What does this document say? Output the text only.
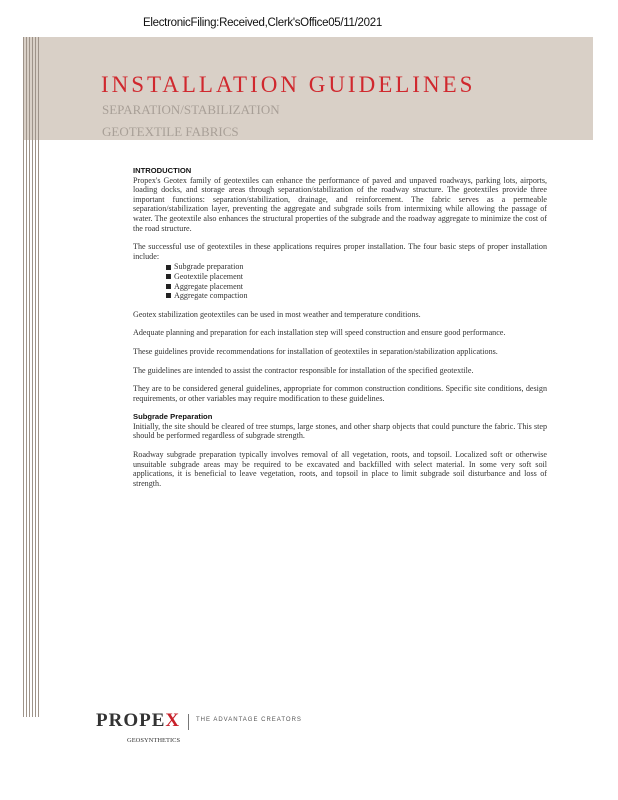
ElectronicFiling:Received,Clerk'sOffice05/11/2021
INSTALLATION GUIDELINES
SEPARATION/STABILIZATION
GEOTEXTILE FABRICS
INTRODUCTION

Propex's Geotex family of geotextiles can enhance the performance of paved and unpaved roadways, parking lots, airports, loading docks, and storage areas through separation/stabilization of the roadway structure. The geotextiles provide three important functions: separation/stabilization, drainage, and reinforcement. The fabric serves as a permeable separation/stabilization layer, preventing the aggregate and subgrade soils from intermixing while allowing the passage of water. The geotextile also enhances the structural properties of the subgrade and the roadway aggregate to minimize the cost of the road structure.

The successful use of geotextiles in these applications requires proper installation. The four basic steps of proper installation include:

Subgrade preparation
Geotextile placement
Aggregate placement
Aggregate compaction

Geotex stabilization geotextiles can be used in most weather and temperature conditions.

Adequate planning and preparation for each installation step will speed construction and ensure good performance.

These guidelines provide recommendations for installation of geotextiles in separation/stabilization applications.

The guidelines are intended to assist the contractor responsible for installation of the specified geotextile.

They are to be considered general guidelines, appropriate for common construction conditions. Specific site conditions, design requirements, or other variables may require modification to these guidelines.

Subgrade Preparation

Initially, the site should be cleared of tree stumps, large stones, and other sharp objects that could puncture the fabric. This step should be performed regardless of subgrade strength.

Roadway subgrade preparation typically involves removal of all vegetation, roots, and topsoil. Localized soft or otherwise unsuitable subgrade areas may be required to be excavated and backfilled with select material. In some very soft soil applications, it is beneficial to leave vegetation, roots, and topsoil in place to limit subgrade soil disturbance and loss of strength.

PROPEX	THE ADVANTAGE CREATORS
GEOSYNTHETICS
